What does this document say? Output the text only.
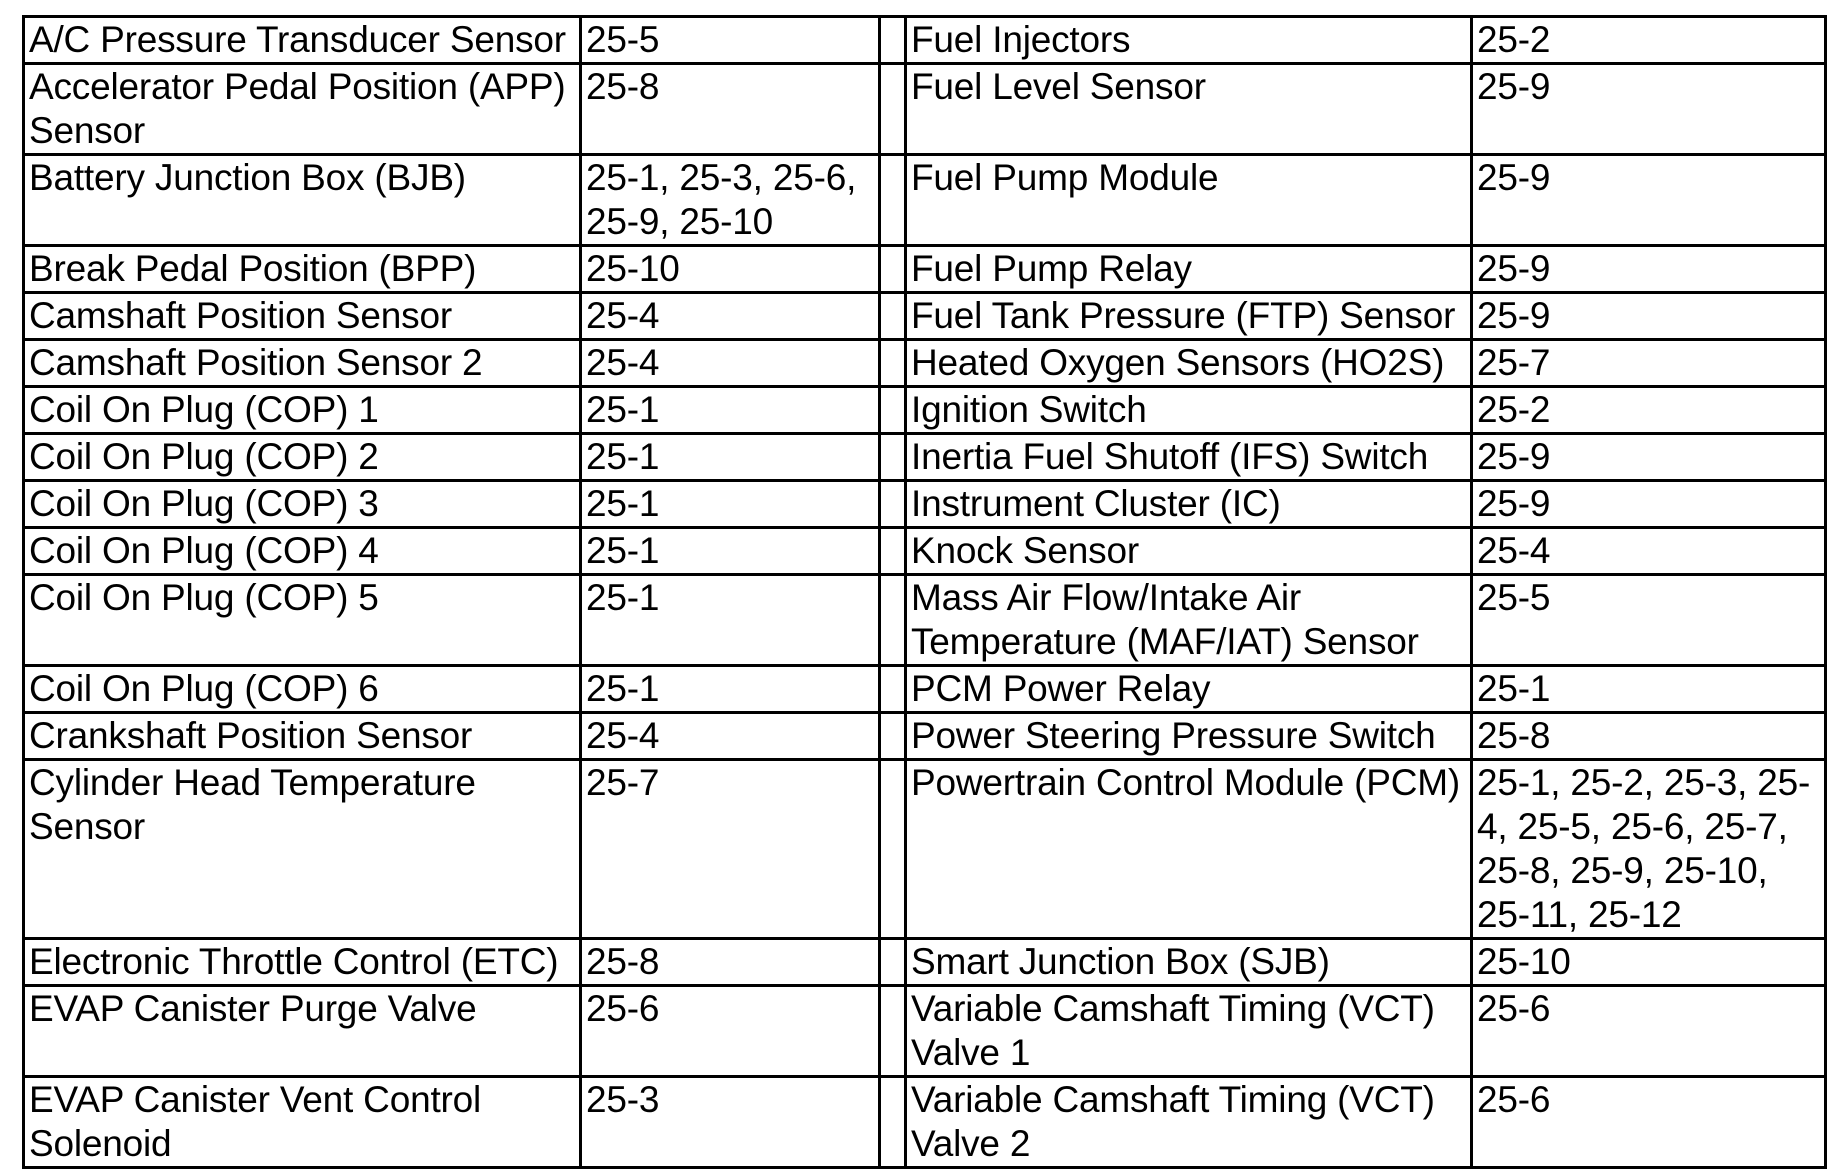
A/C Pressure Transducer Sensor	25-5		Fuel Injectors	25-2
Accelerator Pedal Position (APP) Sensor	25-8		Fuel Level Sensor	25-9
Battery Junction Box (BJB)	25-1, 25-3, 25-6, 25-9, 25-10		Fuel Pump Module	25-9
Break Pedal Position (BPP)	25-10		Fuel Pump Relay	25-9
Camshaft Position Sensor	25-4		Fuel Tank Pressure (FTP) Sensor	25-9
Camshaft Position Sensor 2	25-4		Heated Oxygen Sensors (HO2S)	25-7
Coil On Plug (COP) 1	25-1		Ignition Switch	25-2
Coil On Plug (COP) 2	25-1		Inertia Fuel Shutoff (IFS) Switch	25-9
Coil On Plug (COP) 3	25-1		Instrument Cluster (IC)	25-9
Coil On Plug (COP) 4	25-1		Knock Sensor	25-4
Coil On Plug (COP) 5	25-1		Mass Air Flow/Intake Air Temperature (MAF/IAT) Sensor	25-5
Coil On Plug (COP) 6	25-1		PCM Power Relay	25-1
Crankshaft Position Sensor	25-4		Power Steering Pressure Switch	25-8
Cylinder Head Temperature Sensor	25-7		Powertrain Control Module (PCM)	25-1, 25-2, 25-3, 25-4, 25-5, 25-6, 25-7, 25-8, 25-9, 25-10, 25-11, 25-12
Electronic Throttle Control (ETC)	25-8		Smart Junction Box (SJB)	25-10
EVAP Canister Purge Valve	25-6		Variable Camshaft Timing (VCT) Valve 1	25-6
EVAP Canister Vent Control Solenoid	25-3		Variable Camshaft Timing (VCT) Valve 2	25-6
